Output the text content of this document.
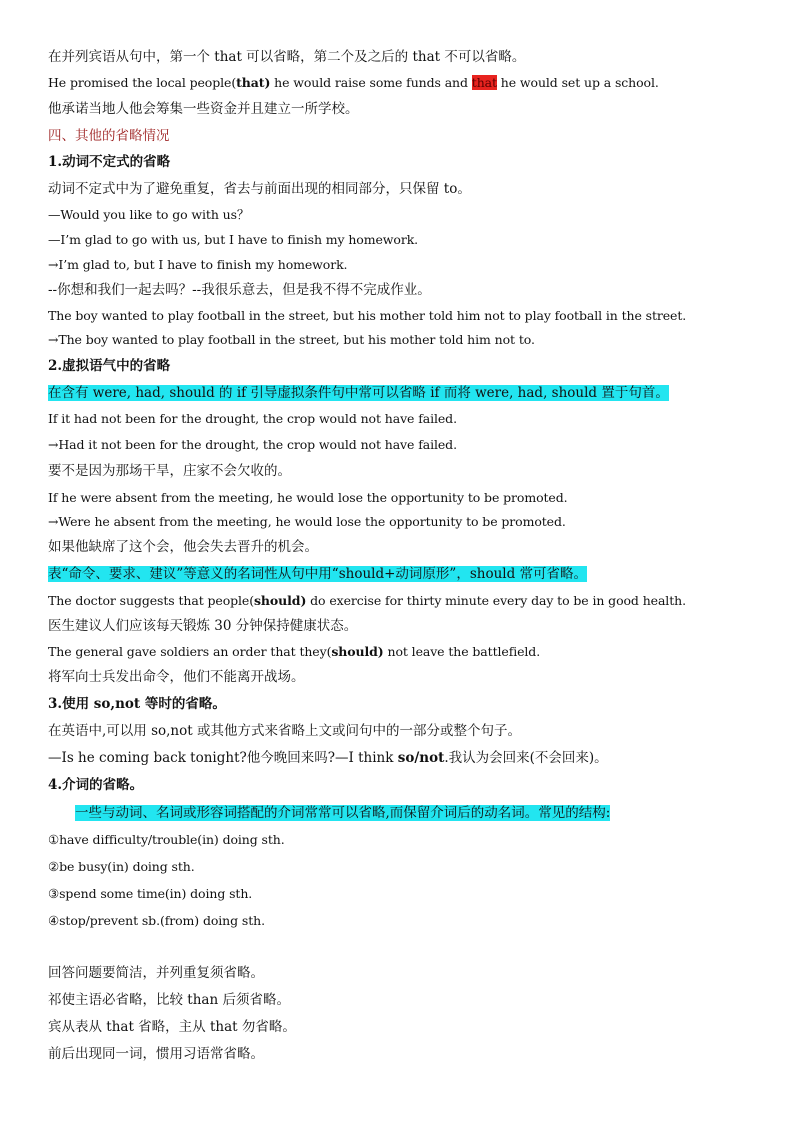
在并列宾语从句中，第一个 that 可以省略，第二个及之后的 that 不可以省略。
He promised the local people(that) he would raise some funds and that he would set up a school.
他承诺当地人他会筹集一些资金并且建立一所学校。
四、其他的省略情况
1.动词不定式的省略
动词不定式中为了避免重复，省去与前面出现的相同部分，只保留 to。
—Would you like to go with us？
—I’m glad to go with us, but I have to finish my homework.
→I’m glad to, but I have to finish my homework.
--你想和我们一起去吗？--我很乐意去，但是我不得不完成作业。
The boy wanted to play football in the street, but his mother told him not to play football in the street.
→The boy wanted to play football in the street, but his mother told him not to.
2.虚拟语气中的省略
在含有 were, had, should 的 if 引导虚拟条件句中常可以省略 if 而将 were, had, should 置于句首。
If it had not been for the drought, the crop would not have failed.
→Had it not been for the drought, the crop would not have failed.
要不是因为那场干旱，庄家不会欠收的。
If he were absent from the meeting, he would lose the opportunity to be promoted.
→Were he absent from the meeting, he would lose the opportunity to be promoted.
如果他缺席了这个会，他会失去晋升的机会。
表“命令、要求、建议”等意义的名词性从句中用“should+动词原形”，should 常可省略。
The doctor suggests that people(should) do exercise for thirty minute every day to be in good health.
医生建议人们应该每天锻炼 30 分钟保持健康状态。
The general gave soldiers an order that they(should) not leave the battlefield.
将军向士兵发出命令，他们不能离开战场。
3.使用 so,not 等时的省略。
在英语中,可以用 so,not 或其他方式来省略上文或问句中的一部分或整个句子。
—Is he coming back tonight?他今晚回来吗?—I think so/not.我认为会回来(不会回来)。
4.介词的省略。
一些与动词、名词或形容词搭配的介词常常可以省略,而保留介词后的动名词。常见的结构:
①have difficulty/trouble(in) doing sth.
②be busy(in) doing sth.
③spend some time(in) doing sth.
④stop/prevent sb.(from) doing sth.
回答问题要简洁，并列重复须省略。
祁使主语必省略，比较 than 后须省略。
宾从表从 that 省略，主从 that 勿省略。
前后出现同一词，惯用习语常省略。
